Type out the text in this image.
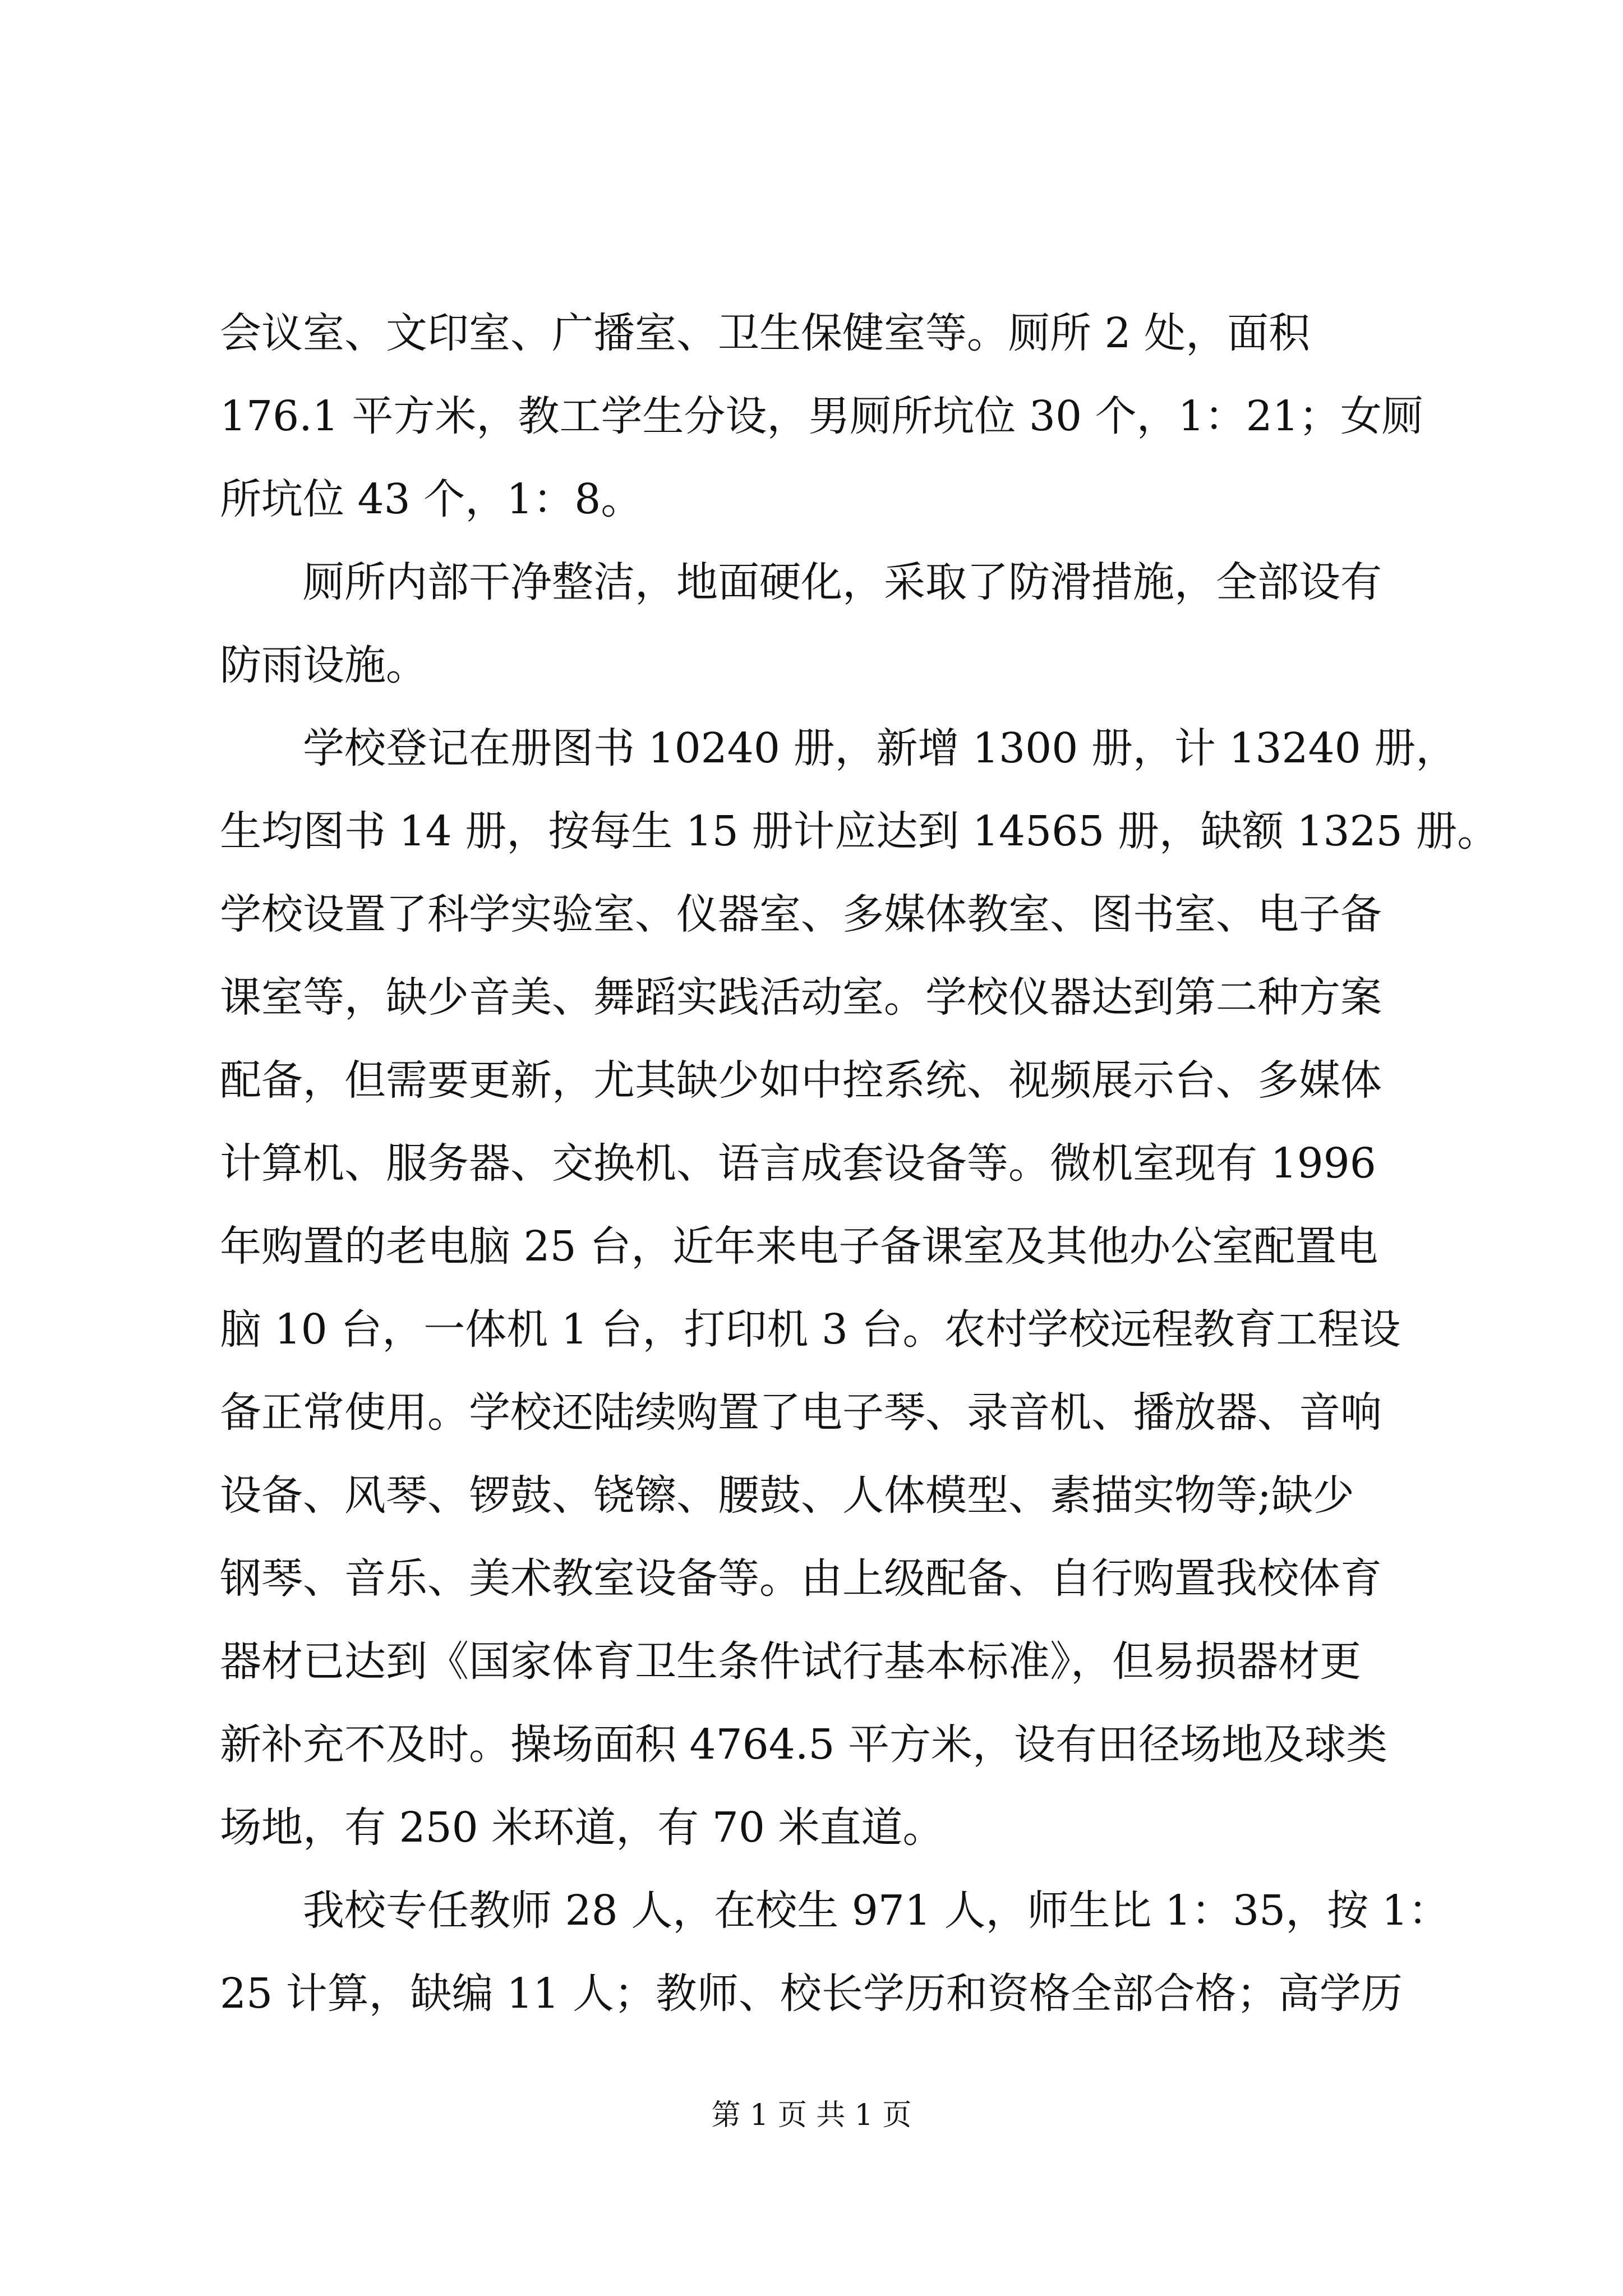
会议室、文印室、广播室、卫生保健室等。厕所 2 处，面积
176.1 平方米，教工学生分设，男厕所坑位 30 个，1：21；女厕
所坑位 43 个，1：8。
厕所内部干净整洁，地面硬化，采取了防滑措施，全部设有
防雨设施。
学校登记在册图书 10240 册，新增 1300 册，计 13240 册，
生均图书 14 册，按每生 15 册计应达到 14565 册，缺额 1325 册。
学校设置了科学实验室、仪器室、多媒体教室、图书室、电子备
课室等，缺少音美、舞蹈实践活动室。学校仪器达到第二种方案
配备，但需要更新，尤其缺少如中控系统、视频展示台、多媒体
计算机、服务器、交换机、语言成套设备等。微机室现有 1996
年购置的老电脑 25 台，近年来电子备课室及其他办公室配置电
脑 10 台，一体机 1 台，打印机 3 台。农村学校远程教育工程设
备正常使用。学校还陆续购置了电子琴、录音机、播放器、音响
设备、风琴、锣鼓、铙镲、腰鼓、人体模型、素描实物等;缺少
钢琴、音乐、美术教室设备等。由上级配备、自行购置我校体育
器材已达到《国家体育卫生条件试行基本标准》，但易损器材更
新补充不及时。操场面积 4764.5 平方米，设有田径场地及球类
场地，有 250 米环道，有 70 米直道。
我校专任教师 28 人，在校生 971 人，师生比 1：35，按 1：
25 计算，缺编 11 人；教师、校长学历和资格全部合格；高学历
第 1 页 共 1 页
